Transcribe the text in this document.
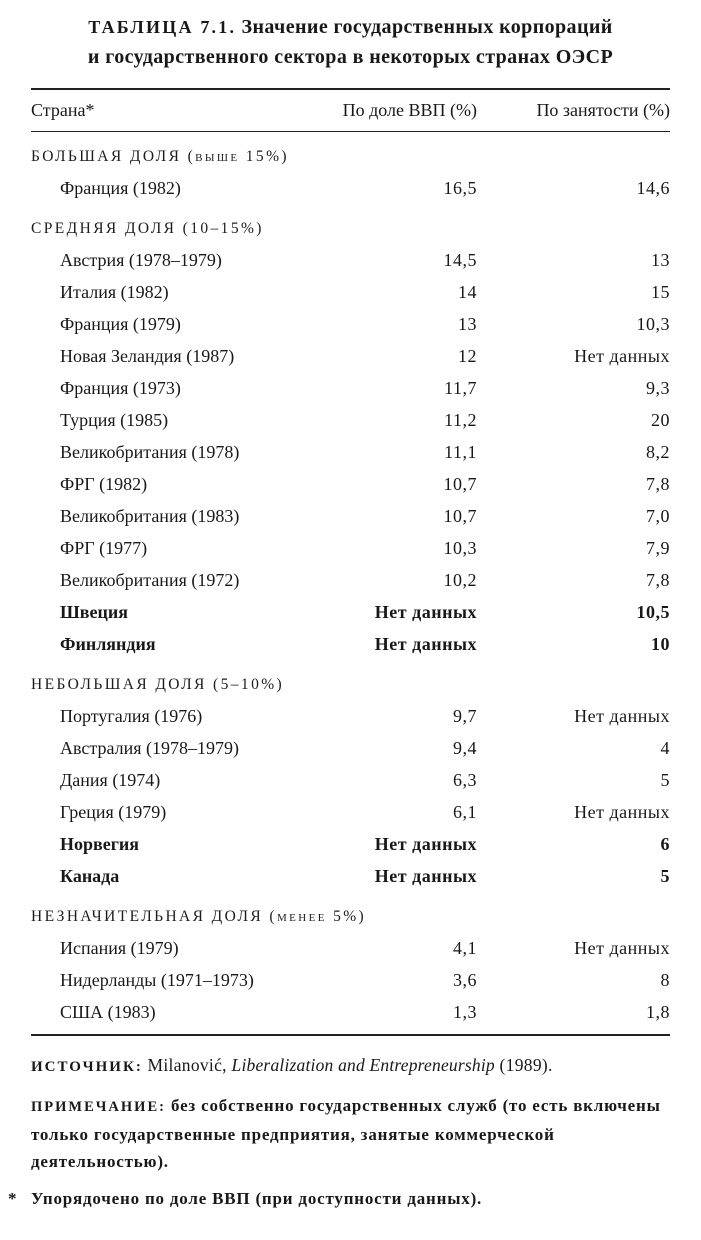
ТАБЛИЦА 7.1. Значение государственных корпораций
и государственного сектора в некоторых странах ОЭСР
Страна*	По доле ВВП (%)	По занятости (%)
БОЛЬШАЯ ДОЛЯ (выше 15%)
Франция (1982)	16,5	14,6
СРЕДНЯЯ ДОЛЯ (10–15%)
Австрия (1978–1979)	14,5	13
Италия (1982)	14	15
Франция (1979)	13	10,3
Новая Зеландия (1987)	12	Нет данных
Франция (1973)	11,7	9,3
Турция (1985)	11,2	20
Великобритания (1978)	11,1	8,2
ФРГ (1982)	10,7	7,8
Великобритания (1983)	10,7	7,0
ФРГ (1977)	10,3	7,9
Великобритания (1972)	10,2	7,8
Швеция	Нет данных	10,5
Финляндия	Нет данных	10
НЕБОЛЬШАЯ ДОЛЯ (5–10%)
Португалия (1976)	9,7	Нет данных
Австралия (1978–1979)	9,4	4
Дания (1974)	6,3	5
Греция (1979)	6,1	Нет данных
Норвегия	Нет данных	6
Канада	Нет данных	5
НЕЗНАЧИТЕЛЬНАЯ ДОЛЯ (менее 5%)
Испания (1979)	4,1	Нет данных
Нидерланды (1971–1973)	3,6	8
США (1983)	1,3	1,8

ИСТОЧНИК: Milanović, Liberalization and Entrepreneurship (1989).

ПРИМЕЧАНИЕ: без собственно государственных служб (то есть включены только государственные предприятия, занятые коммерческой деятельностью).

* Упорядочено по доле ВВП (при доступности данных).
